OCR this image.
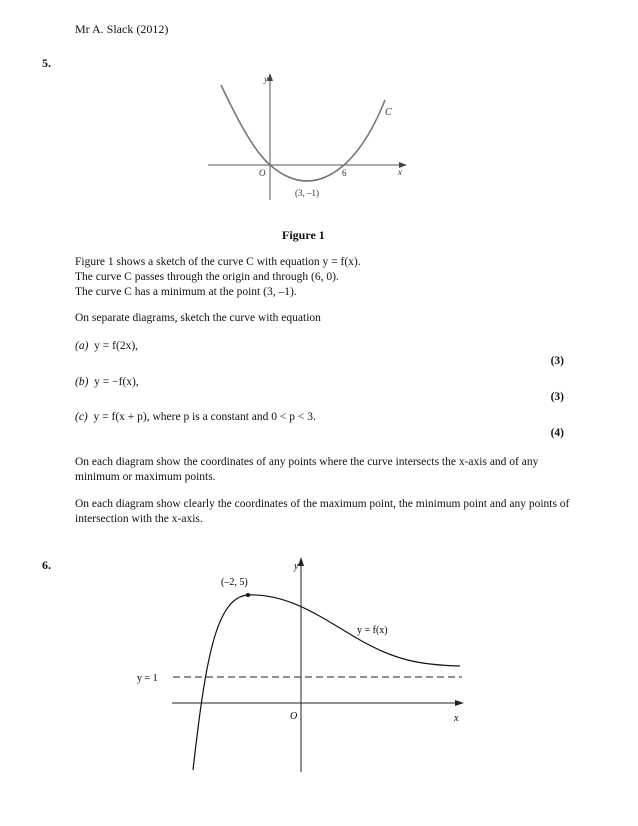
Mr A. Slack (2012)
5.
y
x
O
C
6
(3, –1)
Figure 1
Figure 1 shows a sketch of the curve C with equation y = f(x).
The curve C passes through the origin and through (6, 0).
The curve C has a minimum at the point (3, –1).
On separate diagrams, sketch the curve with equation
(a) y = f(2x),
(3)
(b) y = −f(x),
(3)
(c) y = f(x + p), where p is a constant and 0 < p < 3.
(4)
On each diagram show the coordinates of any points where the curve intersects the x-axis and of any minimum or maximum points.
On each diagram show clearly the coordinates of the maximum point, the minimum point and any points of intersection with the x-axis.
6.	y
x
O
(–2, 5)
y = f(x)
y = 1
